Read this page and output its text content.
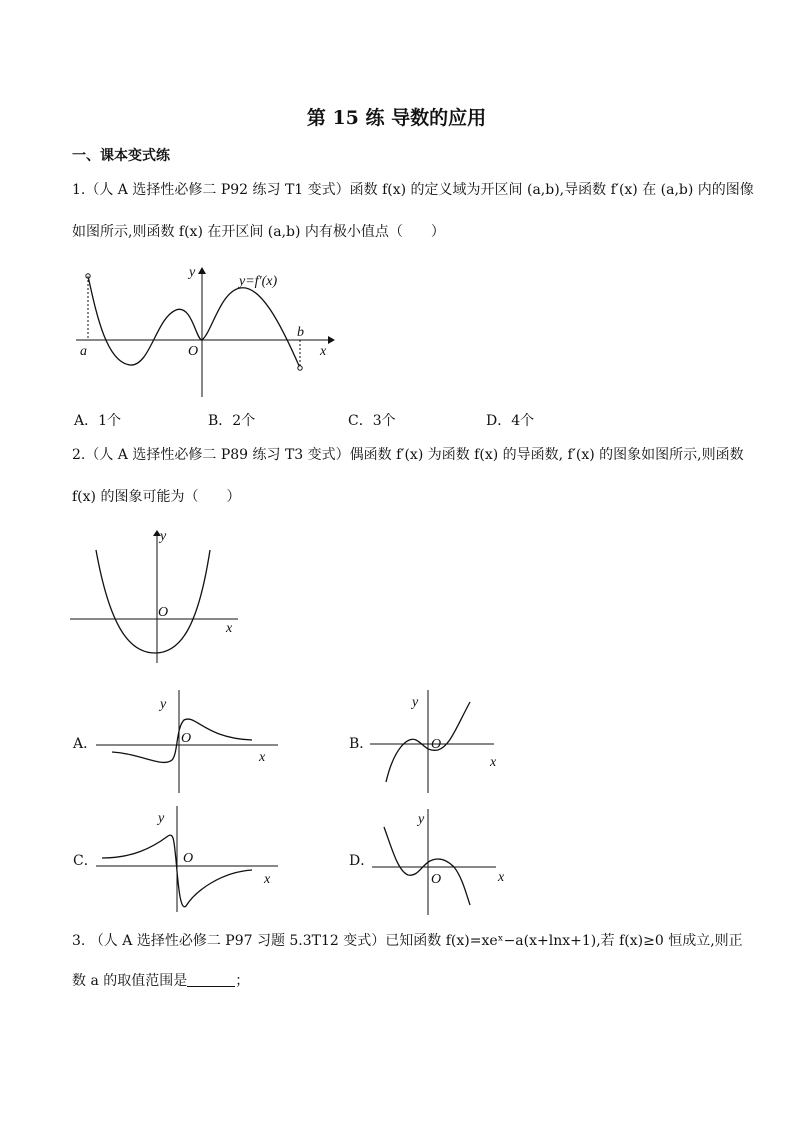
第 15 练 导数的应用
一、课本变式练
1.（人 A 选择性必修二 P92 练习 T1 变式）函数 f(x) 的定义域为开区间 (a,b),导函数 f′(x) 在 (a,b) 内的图像
如图所示,则函数 f(x) 在开区间 (a,b) 内有极小值点（　　）
a
b
O	x
y
y=f′(x)
A．1个	B．2个	C．3个	D．4个
2.（人 A 选择性必修二 P89 练习 T3 变式）偶函数 f′(x) 为函数 f(x) 的导函数, f′(x) 的图象如图所示,则函数
f(x) 的图象可能为（　　）
x
y
O
A．
x
y
O	B．
x
y
O
C．
x
y
O	D．
x
y
O
3. （人 A 选择性必修二 P97 习题 5.3T12 变式）已知函数 f(x)=xeˣ−a(x+lnx+1),若 f(x)≥0 恒成立,则正
数 a 的取值范围是	；
